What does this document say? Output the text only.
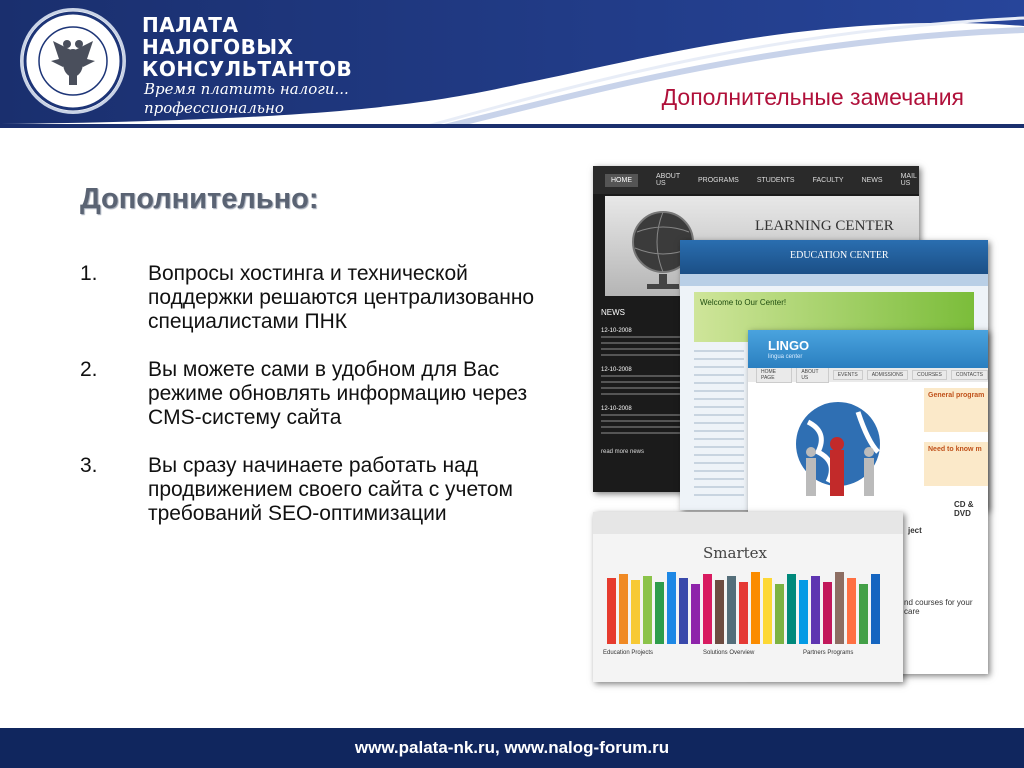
ПАЛАТА
НАЛОГОВЫХ
КОНСУЛЬТАНТОВ
Время платить налоги...
профессионально	Дополнительные замечания
Дополнительно:
1.	Вопросы хостинга и технической поддержки решаются централизованно специалистами ПНК
2.	Вы можете сами в удобном для Вас режиме обновлять информацию через CMS-систему сайта
3.	Вы сразу начинаете работать над продвижением своего сайта с учетом требований SEO-оптимизации
HOME	ABOUT US	PROGRAMS	STUDENTS	FACULTY	NEWS	MAIL US
LEARNING CENTER
NEWS
12-10-2008
12-10-2008
12-10-2008
read more news
EDUCATION CENTER
Welcome to Our Center!
LINGO
lingua center
HOME PAGE
ABOUT US	EVENTS	ADMISSIONS	COURSES	CONTACTS
General program
Need to know m
ject
CD & DVD
nd courses for your care
Smartex
Education Projects	Solutions Overview	Partners Programs
www.palata-nk.ru, www.nalog-forum.ru
